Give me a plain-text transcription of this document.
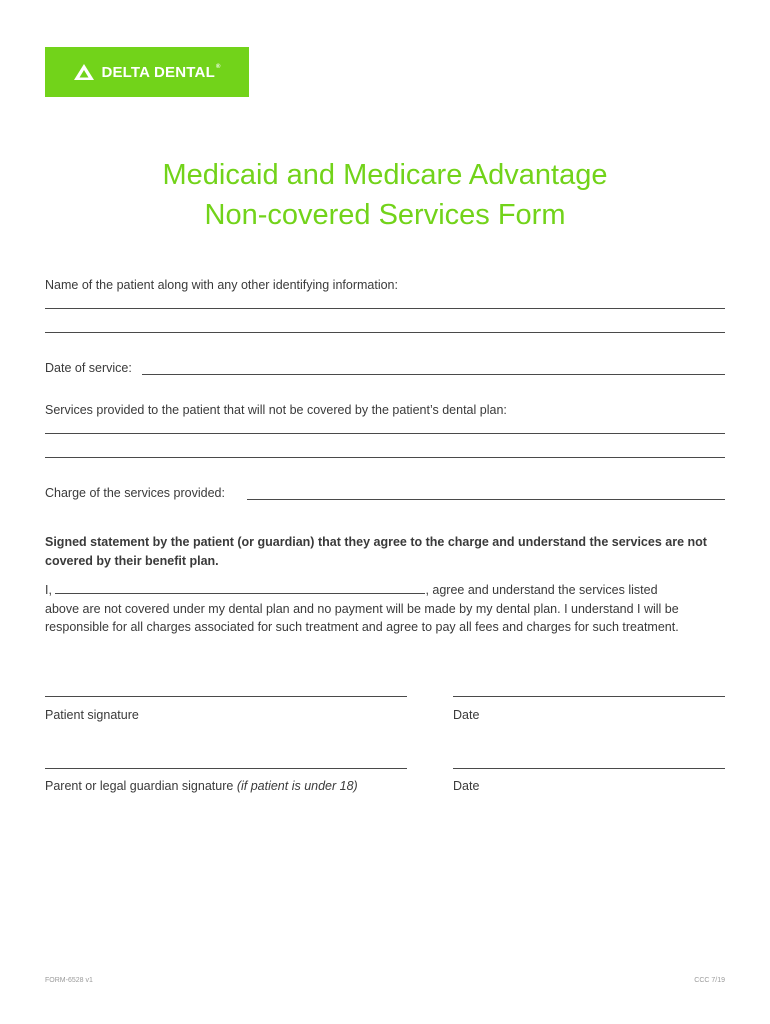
DELTA DENTAL®
Medicaid and Medicare Advantage
Non-covered Services Form
Name of the patient along with any other identifying information:
Date of service:
Services provided to the patient that will not be covered by the patient’s dental plan:
Charge of the services provided:
Signed statement by the patient (or guardian) that they agree to the charge and understand the services are not covered by their benefit plan.
I,	, agree and understand the services listed
above are not covered under my dental plan and no payment will be made by my dental plan. I understand I will be responsible for all charges associated for such treatment and agree to pay all fees and charges for such treatment.
Patient signature	Date
Parent or legal guardian signature (if patient is under 18)	Date
FORM-6528 v1	CCC 7/19
